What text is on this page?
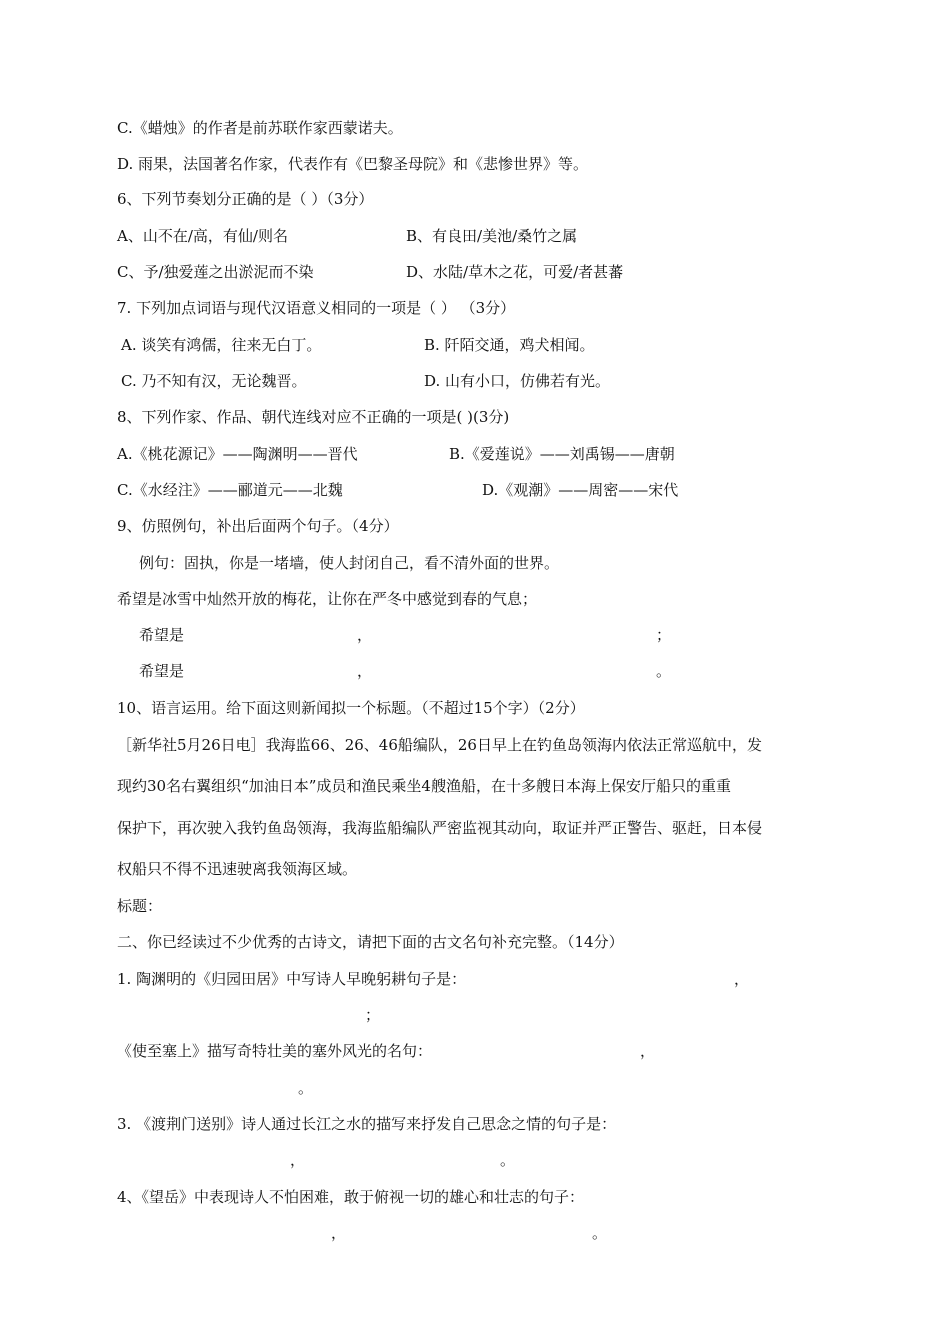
C.《蜡烛》的作者是前苏联作家西蒙诺夫。
D. 雨果，法国著名作家，代表作有《巴黎圣母院》和《悲惨世界》等。
6、下列节奏划分正确的是（ ）（3分）
A、山不在/高，有仙/则名	B、有良田/美池/桑竹之属
C、予/独爱莲之出淤泥而不染	D、水陆/草木之花，可爱/者甚蕃
7. 下列加点词语与现代汉语意义相同的一项是（ ） （3分）
A. 谈笑有鸿儒，往来无白丁。	B. 阡陌交通，鸡犬相闻。
C. 乃不知有汉，无论魏晋。	D. 山有小口，仿佛若有光。
8、下列作家、作品、朝代连线对应不正确的一项是( )(3分)
A.《桃花源记》——陶渊明——晋代	B.《爱莲说》——刘禹锡——唐朝
C.《水经注》——郦道元——北魏	D.《观潮》——周密——宋代
9、仿照例句，补出后面两个句子。（4分）
例句：固执，你是一堵墙，使人封闭自己，看不清外面的世界。
希望是冰雪中灿然开放的梅花，让你在严冬中感觉到春的气息；
希望是	，	；
希望是	，	。
10、语言运用。给下面这则新闻拟一个标题。（不超过15个字）（2分）
［新华社5月26日电］我海监66、26、46船编队，26日早上在钓鱼岛领海内依法正常巡航中，发
现约30名右翼组织“加油日本”成员和渔民乘坐4艘渔船，在十多艘日本海上保安厅船只的重重
保护下，再次驶入我钓鱼岛领海，我海监船编队严密监视其动向，取证并严正警告、驱赶，日本侵
权船只不得不迅速驶离我领海区域。
标题：
二、你已经读过不少优秀的古诗文，请把下面的古文名句补充完整。（14分）
1. 陶渊明的《归园田居》中写诗人早晚躬耕句子是：	，
；
《使至塞上》描写奇特壮美的塞外风光的名句：	，
。
3. 《渡荆门送别》诗人通过长江之水的描写来抒发自己思念之情的句子是：
，	。
4、《望岳》中表现诗人不怕困难，敢于俯视一切的雄心和壮志的句子：
，	。
